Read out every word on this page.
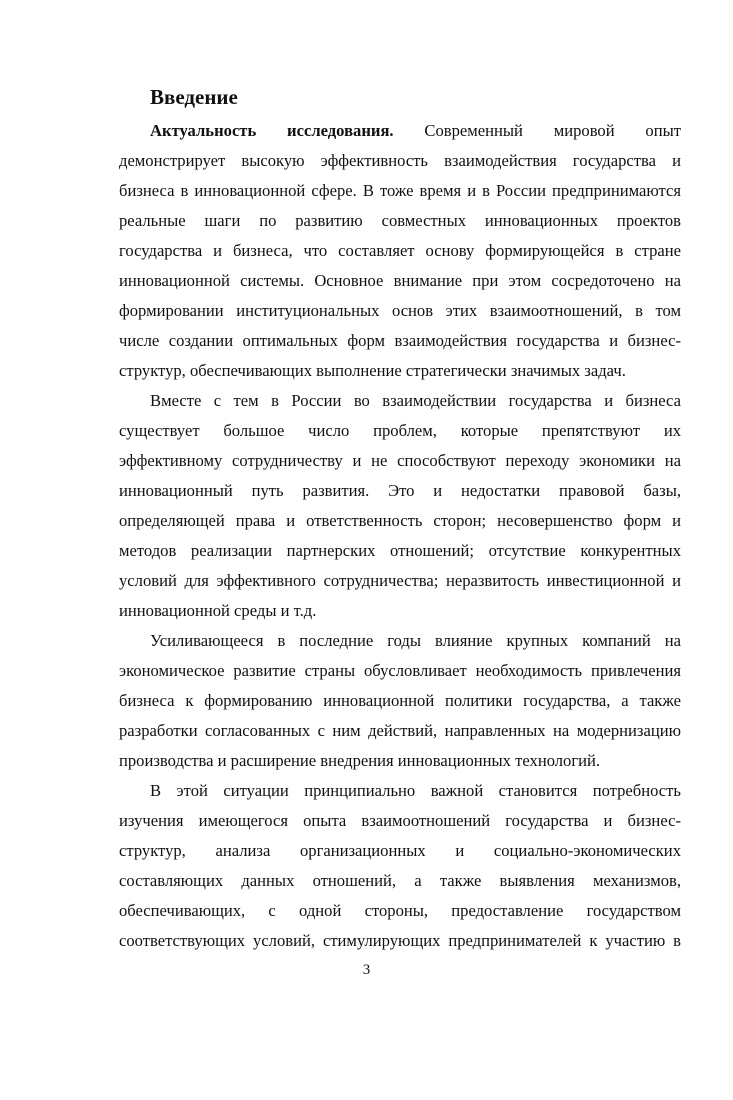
Введение
Актуальность исследования. Современный мировой опыт
демонстрирует высокую эффективность взаимодействия государства и
бизнеса в инновационной сфере. В тоже время и в России предпринимаются
реальные шаги по развитию совместных инновационных проектов
государства и бизнеса, что составляет основу формирующейся в стране
инновационной системы. Основное внимание при этом сосредоточено на
формировании институциональных основ этих взаимоотношений, в том
числе создании оптимальных форм взаимодействия государства и бизнес-
структур, обеспечивающих выполнение стратегически значимых задач.
Вместе с тем в России во взаимодействии государства и бизнеса
существует большое число проблем, которые препятствуют их
эффективному сотрудничеству и не способствуют переходу экономики на
инновационный путь развития. Это и недостатки правовой базы,
определяющей права и ответственность сторон; несовершенство форм и
методов реализации партнерских отношений; отсутствие конкурентных
условий для эффективного сотрудничества; неразвитость инвестиционной и
инновационной среды и т.д.
Усиливающееся в последние годы влияние крупных компаний на
экономическое развитие страны обусловливает необходимость привлечения
бизнеса к формированию инновационной политики государства, а также
разработки согласованных с ним действий, направленных на модернизацию
производства и расширение внедрения инновационных технологий.
В этой ситуации принципиально важной становится потребность
изучения имеющегося опыта взаимоотношений государства и бизнес-
структур, анализа организационных и социально-экономических
составляющих данных отношений, а также выявления механизмов,
обеспечивающих, с одной стороны, предоставление государством
соответствующих условий, стимулирующих предпринимателей к участию в
3
